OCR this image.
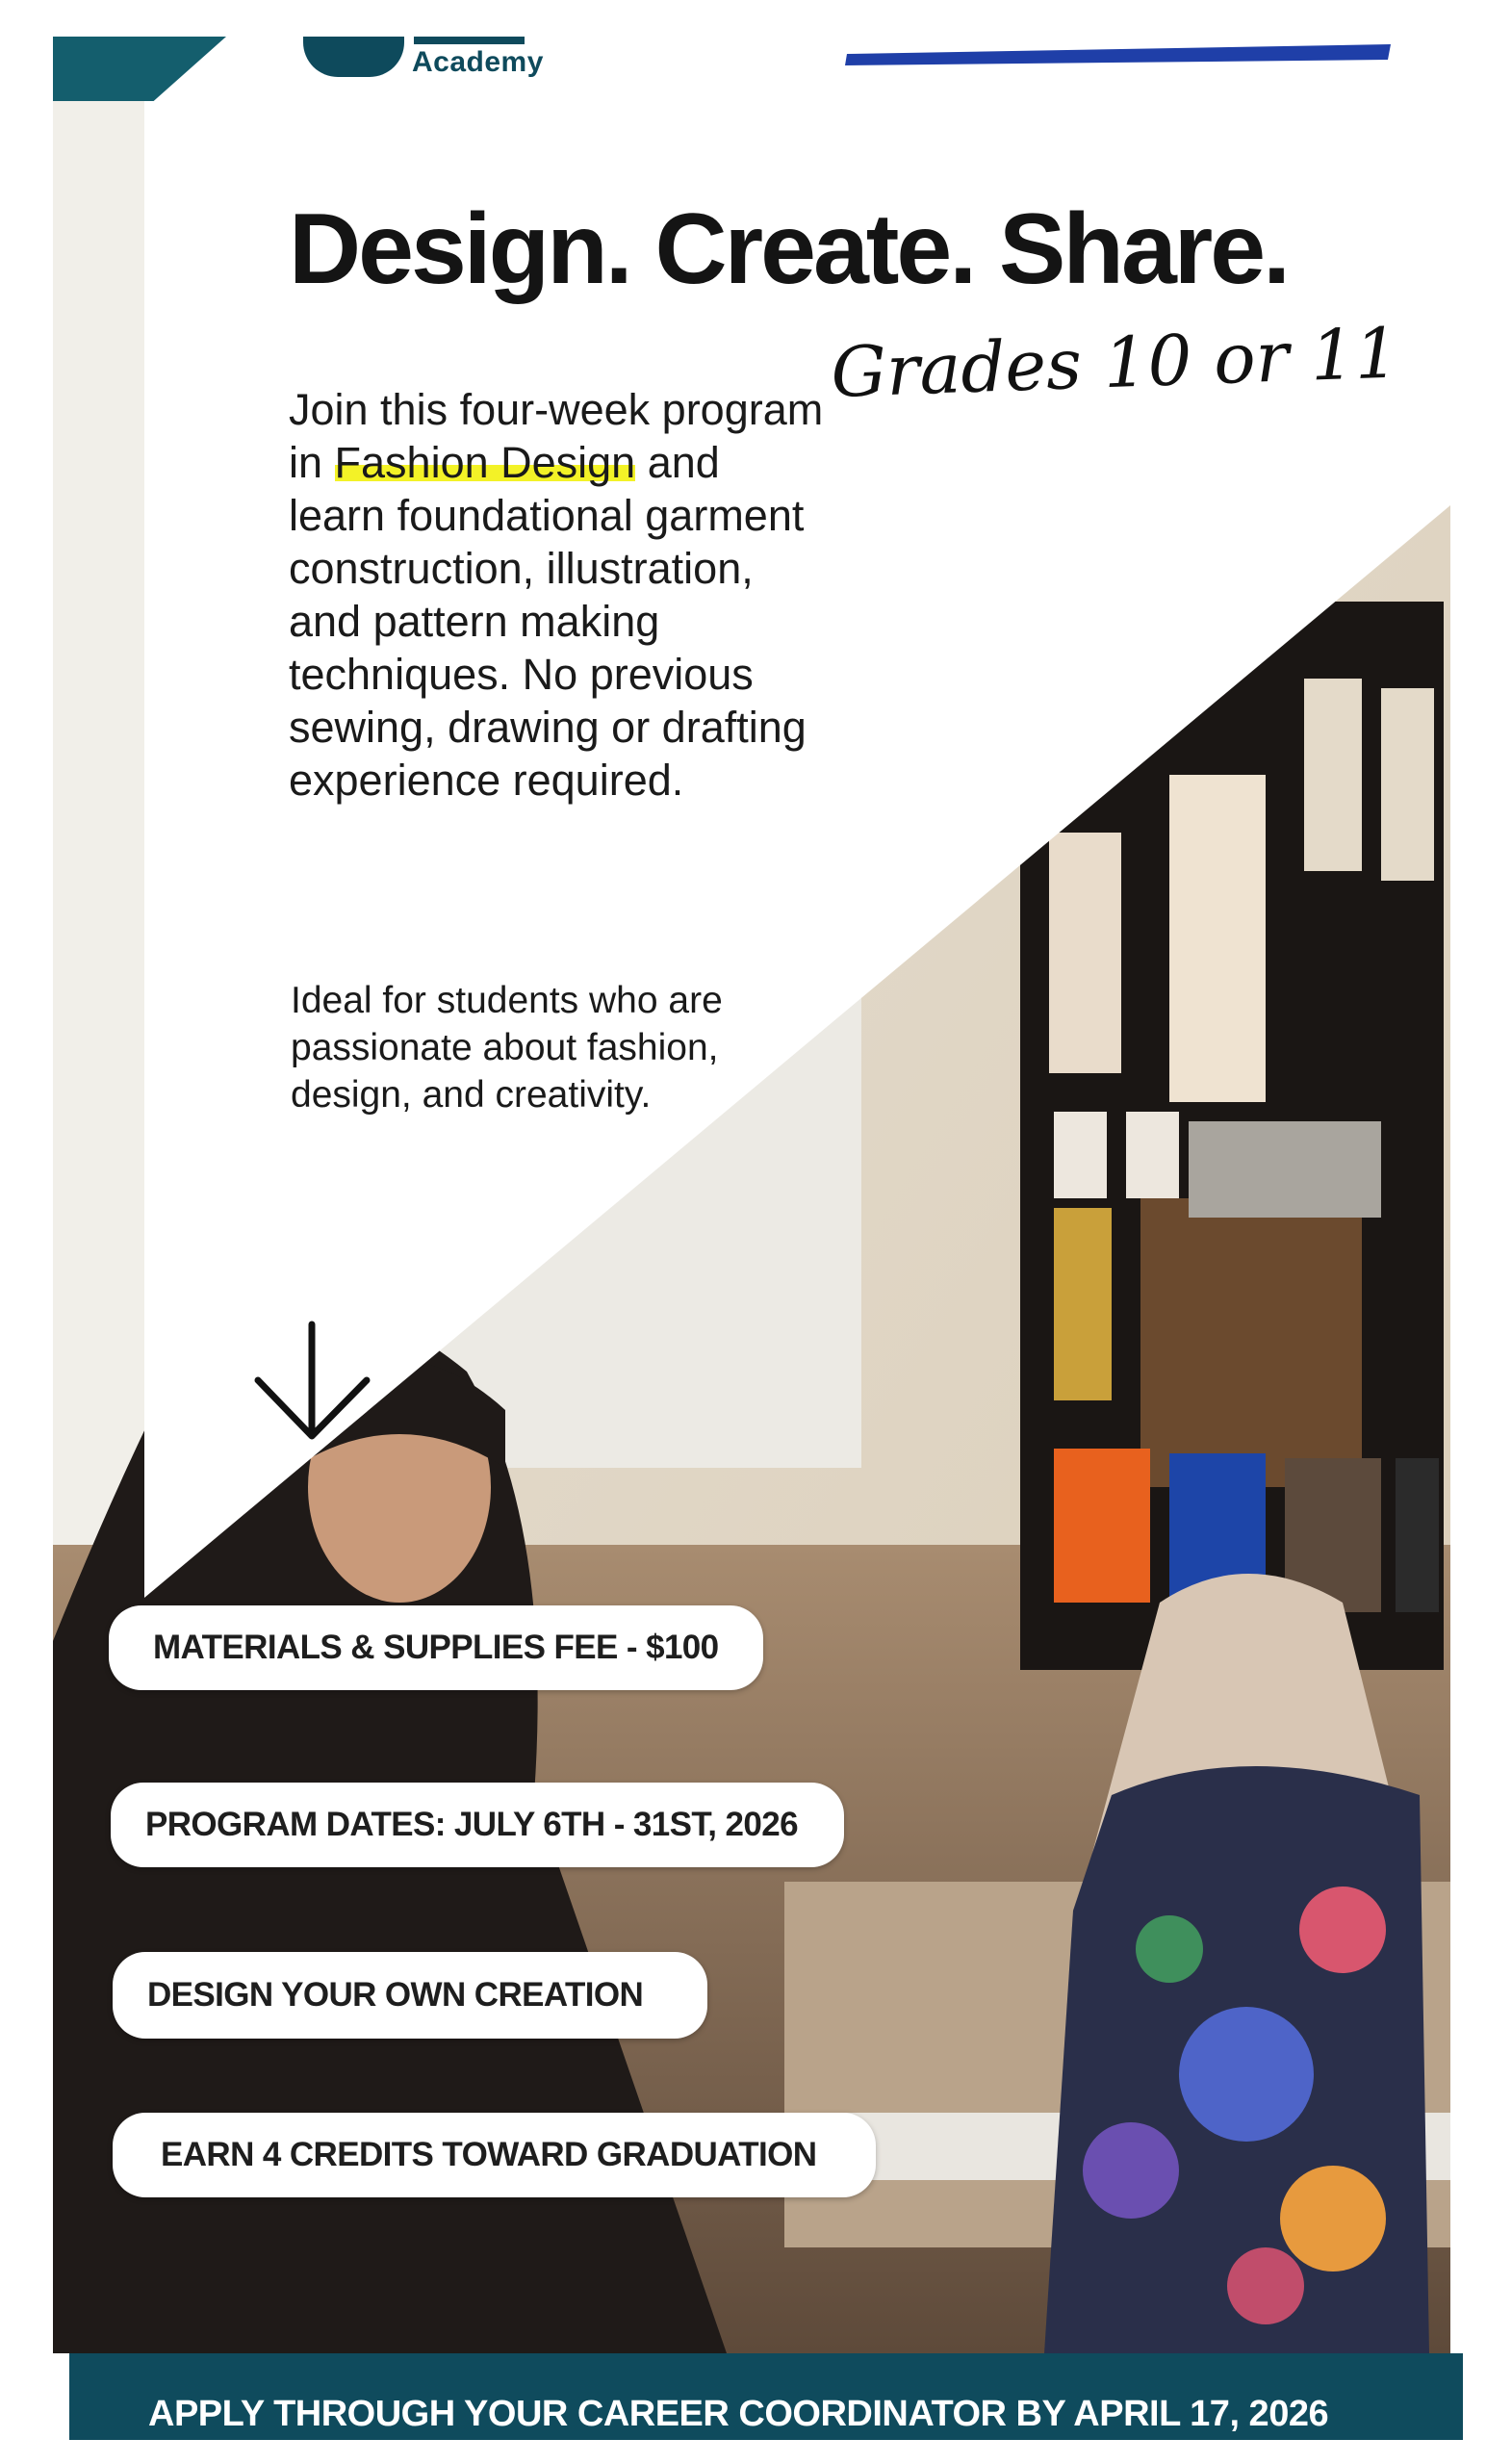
Academy
Design. Create. Share.
Grades 10 or 11
Join this four-week program in Fashion Design and learn foundational garment construction, illustration, and pattern making techniques. No previous sewing, drawing or drafting experience required.
Ideal for students who are passionate about fashion, design, and creativity.
MATERIALS & SUPPLIES FEE - $100
PROGRAM DATES: JULY 6TH - 31ST, 2026
DESIGN YOUR OWN CREATION
EARN 4 CREDITS TOWARD GRADUATION
APPLY THROUGH YOUR CAREER COORDINATOR BY APRIL 17, 2026
